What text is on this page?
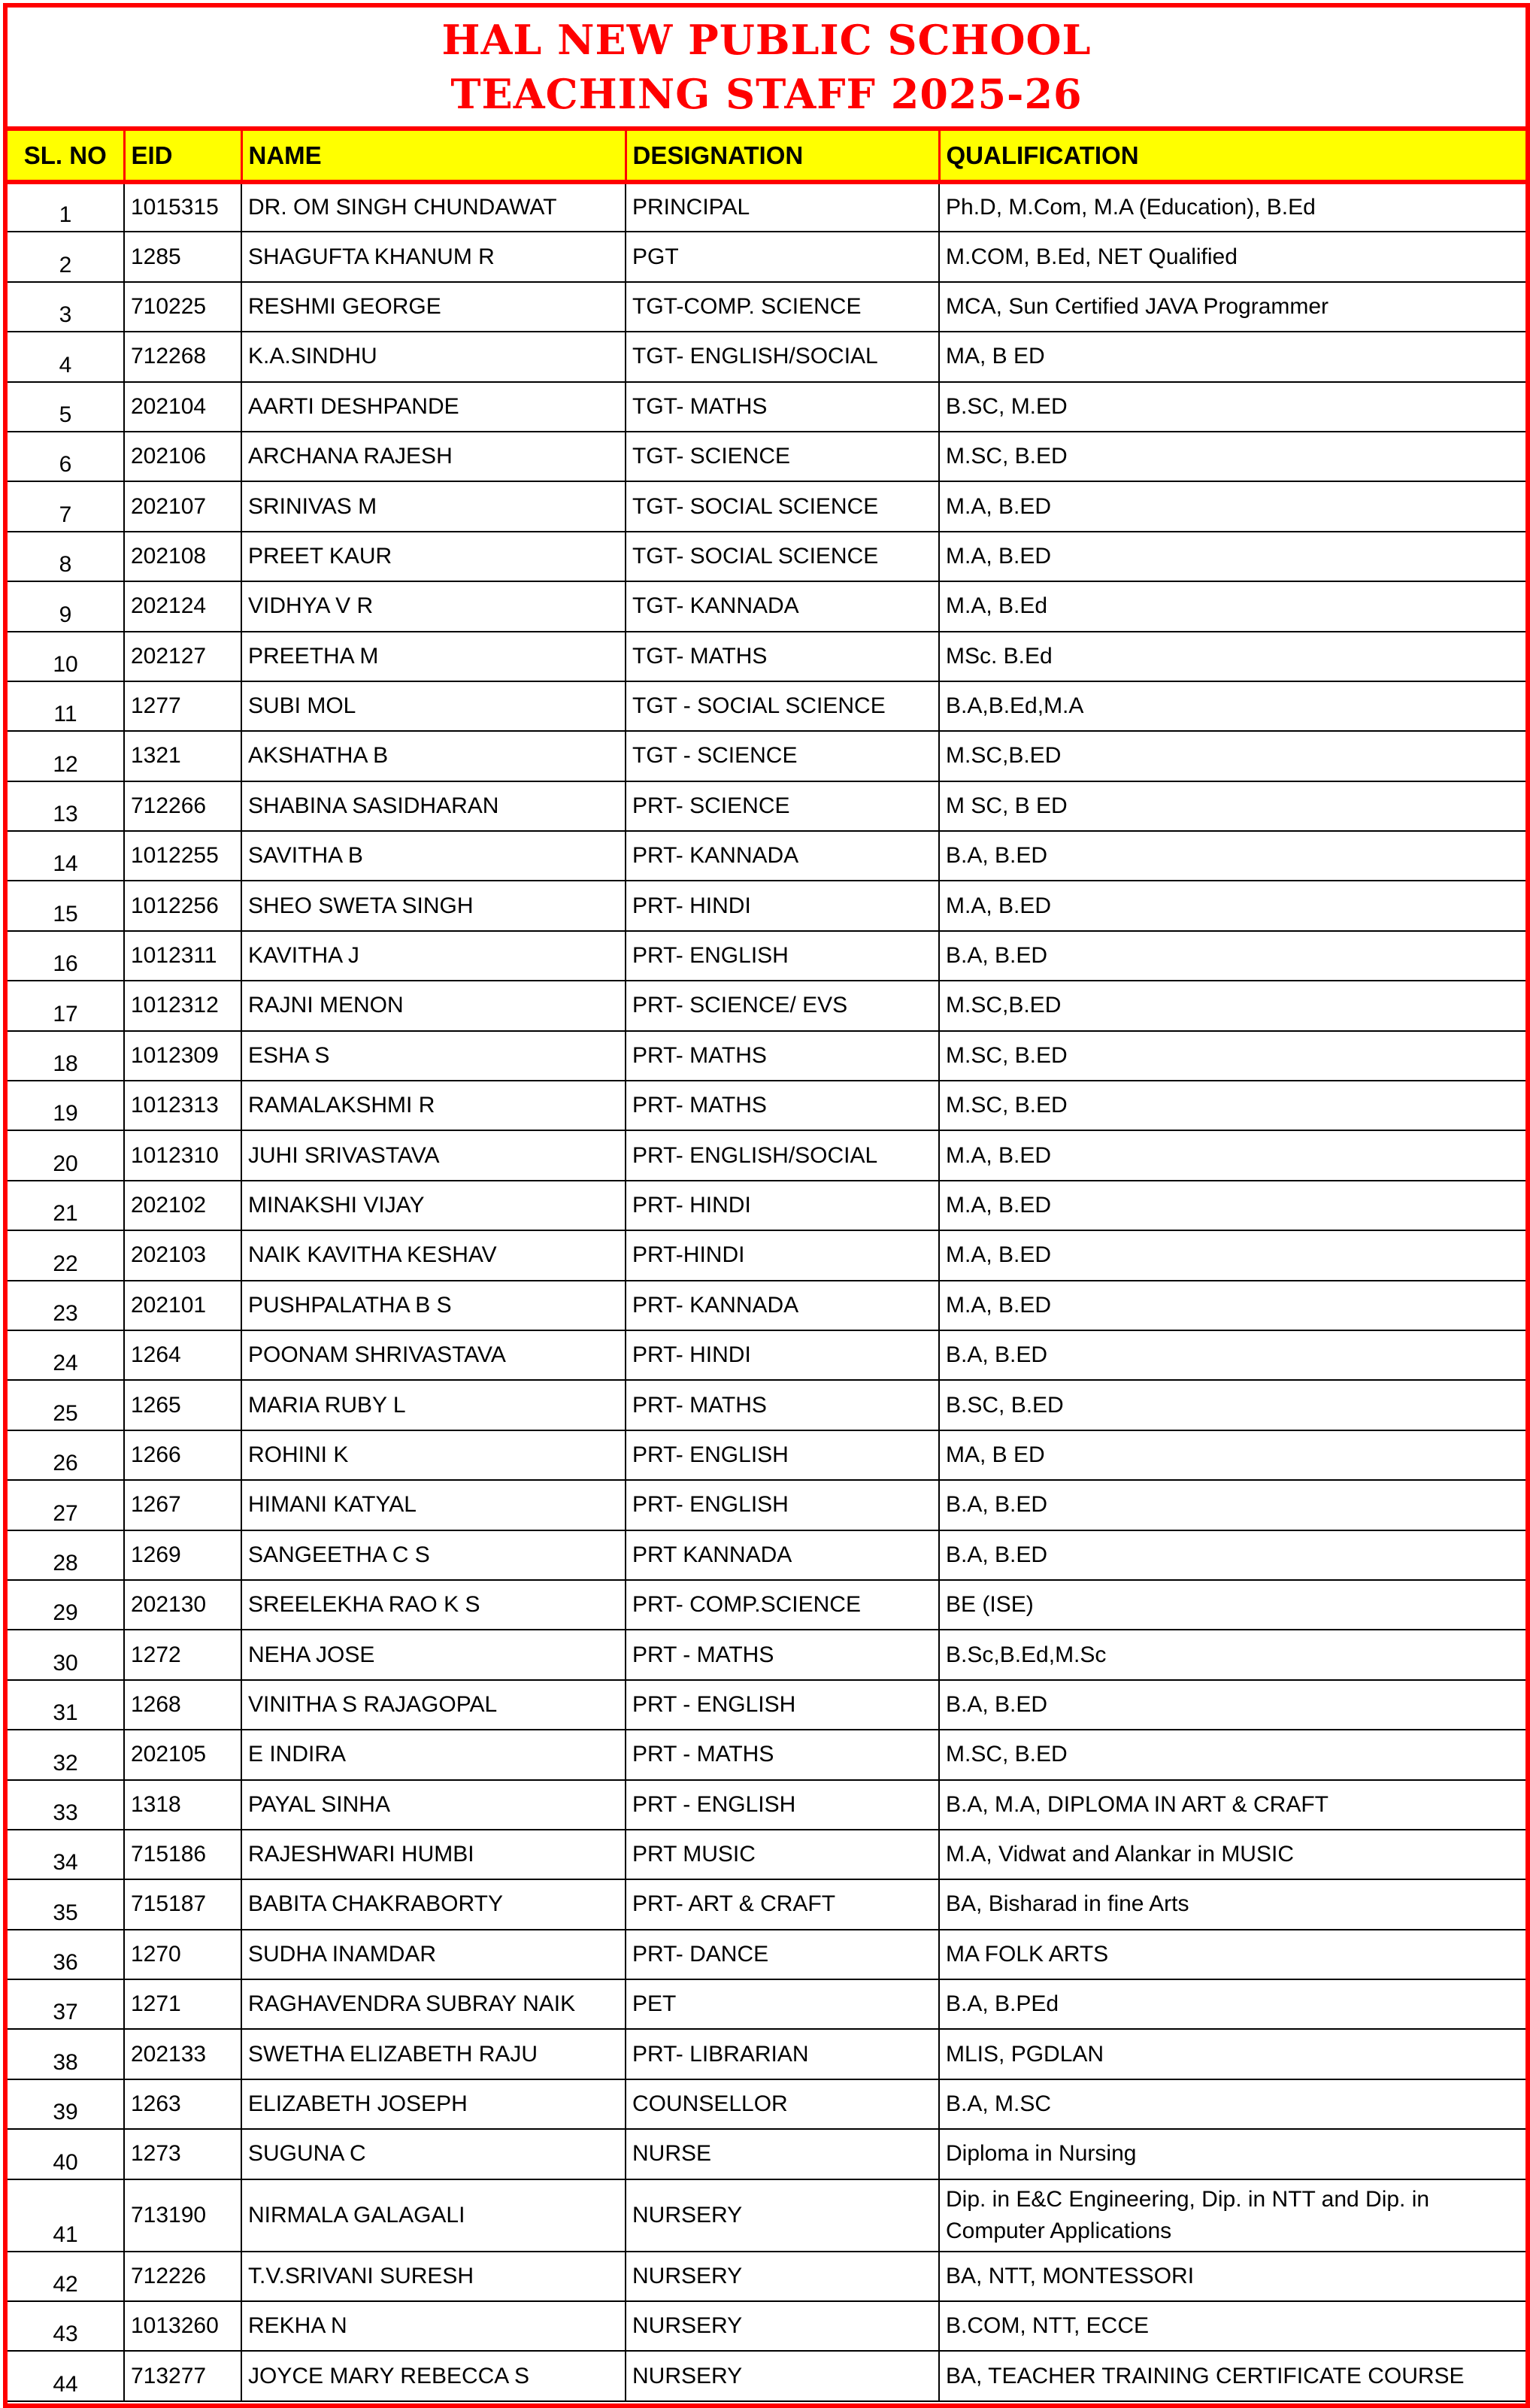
HAL NEW PUBLIC SCHOOL
TEACHING STAFF 2025-26
SL. NO	EID	NAME	DESIGNATION	QUALIFICATION
1	1015315	DR. OM SINGH CHUNDAWAT	PRINCIPAL	Ph.D, M.Com, M.A (Education), B.Ed
2	1285	SHAGUFTA KHANUM R	PGT	M.COM, B.Ed, NET Qualified
3	710225	RESHMI GEORGE	TGT-COMP. SCIENCE	MCA, Sun Certified JAVA Programmer
4	712268	K.A.SINDHU	TGT- ENGLISH/SOCIAL	MA, B ED
5	202104	AARTI DESHPANDE	TGT- MATHS	B.SC, M.ED
6	202106	ARCHANA RAJESH	TGT- SCIENCE	M.SC, B.ED
7	202107	SRINIVAS M	TGT- SOCIAL SCIENCE	M.A, B.ED
8	202108	PREET KAUR	TGT- SOCIAL SCIENCE	M.A, B.ED
9	202124	VIDHYA V R	TGT- KANNADA	M.A, B.Ed
10	202127	PREETHA M	TGT- MATHS	MSc. B.Ed
11	1277	SUBI MOL	TGT - SOCIAL SCIENCE	B.A,B.Ed,M.A
12	1321	AKSHATHA B	TGT - SCIENCE	M.SC,B.ED
13	712266	SHABINA SASIDHARAN	PRT- SCIENCE	M SC, B ED
14	1012255	SAVITHA B	PRT- KANNADA	B.A, B.ED
15	1012256	SHEO SWETA SINGH	PRT- HINDI	M.A, B.ED
16	1012311	KAVITHA J	PRT- ENGLISH	B.A, B.ED
17	1012312	RAJNI MENON	PRT- SCIENCE/ EVS	M.SC,B.ED
18	1012309	ESHA S	PRT- MATHS	M.SC, B.ED
19	1012313	RAMALAKSHMI R	PRT- MATHS	M.SC, B.ED
20	1012310	JUHI SRIVASTAVA	PRT- ENGLISH/SOCIAL	M.A, B.ED
21	202102	MINAKSHI VIJAY	PRT- HINDI	M.A, B.ED
22	202103	NAIK KAVITHA KESHAV	PRT-HINDI	M.A, B.ED
23	202101	PUSHPALATHA B S	PRT- KANNADA	M.A, B.ED
24	1264	POONAM SHRIVASTAVA	PRT- HINDI	B.A, B.ED
25	1265	MARIA RUBY L	PRT- MATHS	B.SC, B.ED
26	1266	ROHINI K	PRT- ENGLISH	MA, B ED
27	1267	HIMANI KATYAL	PRT- ENGLISH	B.A, B.ED
28	1269	SANGEETHA C S	PRT KANNADA	B.A, B.ED
29	202130	SREELEKHA RAO K S	PRT- COMP.SCIENCE	BE (ISE)
30	1272	NEHA JOSE	PRT - MATHS	B.Sc,B.Ed,M.Sc
31	1268	VINITHA S RAJAGOPAL	PRT - ENGLISH	B.A, B.ED
32	202105	E INDIRA	PRT - MATHS	M.SC, B.ED
33	1318	PAYAL SINHA	PRT - ENGLISH	B.A, M.A, DIPLOMA IN ART & CRAFT
34	715186	RAJESHWARI HUMBI	PRT MUSIC	M.A, Vidwat and Alankar in MUSIC
35	715187	BABITA CHAKRABORTY	PRT- ART & CRAFT	BA, Bisharad in fine Arts
36	1270	SUDHA INAMDAR	PRT- DANCE	MA FOLK ARTS
37	1271	RAGHAVENDRA SUBRAY NAIK	PET	B.A, B.PEd
38	202133	SWETHA ELIZABETH RAJU	PRT- LIBRARIAN	MLIS, PGDLAN
39	1263	ELIZABETH JOSEPH	COUNSELLOR	B.A, M.SC
40	1273	SUGUNA C	NURSE	Diploma in Nursing
41	713190	NIRMALA GALAGALI	NURSERY	Dip. in E&C Engineering, Dip. in NTT and Dip. in Computer Applications
42	712226	T.V.SRIVANI SURESH	NURSERY	BA, NTT, MONTESSORI
43	1013260	REKHA N	NURSERY	B.COM, NTT, ECCE
44	713277	JOYCE MARY REBECCA S	NURSERY	BA, TEACHER TRAINING CERTIFICATE COURSE
